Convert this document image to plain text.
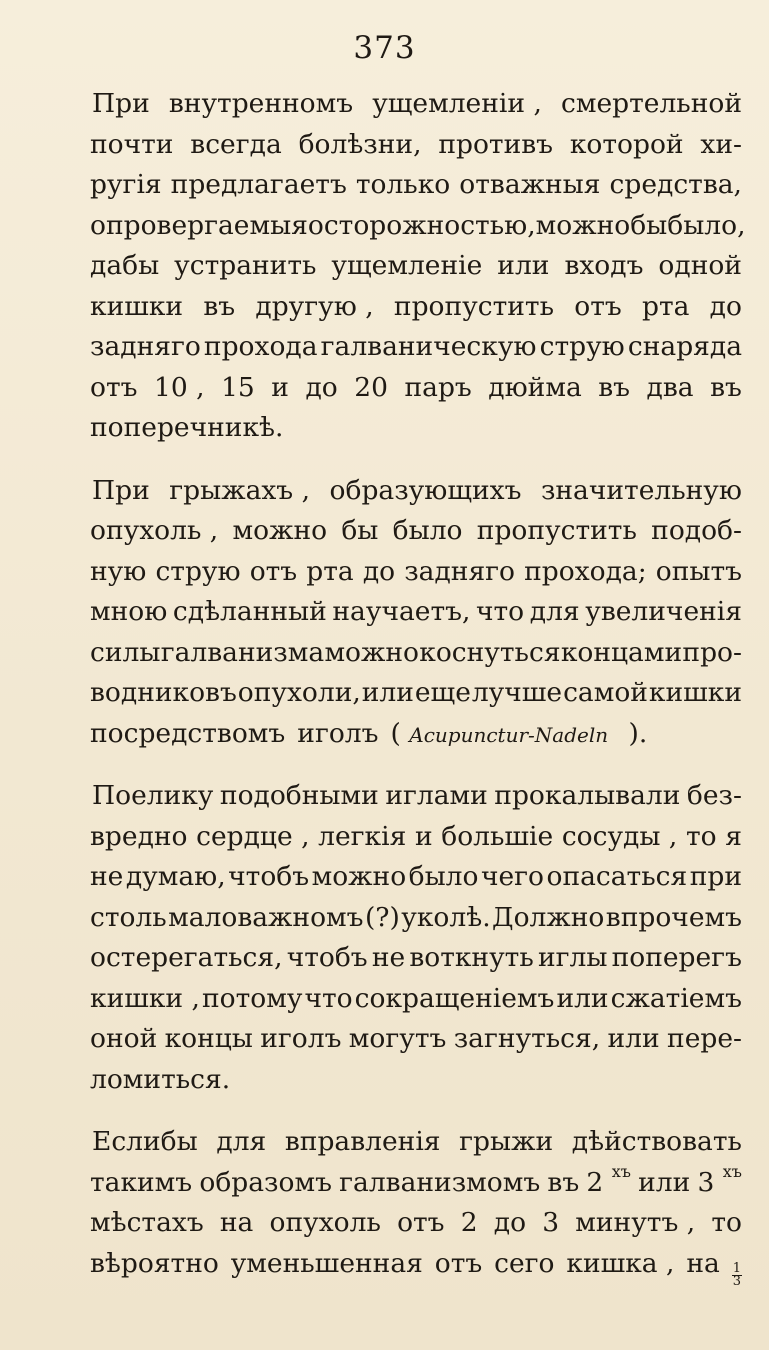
373
При внутренномъ ущемленіи , смертельной
почти всегда болѣзни, противъ которой хи-
ругія предлагаетъ только отважныя средства,
опровергаемыя осторожностью, можно бы было,
дабы устранить ущемленіе или входъ одной
кишки въ другую , пропустить отъ рта до
задняго прохода галваническую струю снаряда
отъ 10 , 15 и до 20 паръ дюйма въ два въ
поперечникѣ.
При грыжахъ , образующихъ значительную
опухоль , можно бы было пропустить подоб-
ную струю отъ рта до задняго прохода; опытъ
мною сдѣланный научаетъ, что для увеличенія
силы галванизма можно коснуться концами про-
водниковъ опухоли, или еще лучше самой кишки
посредствомъ иголъ ( Acupunctur-Nadeln ).
Поелику подобными иглами прокалывали без-
вредно сердце , легкія и большіе сосуды , то я
не думаю, чтобъ можно было чего опасаться при
столь маловажномъ (?) уколѣ. Должно впрочемъ
остерегаться, чтобъ не воткнуть иглы поперегъ
кишки , потому что сокращеніемъ или сжатіемъ
оной концы иголъ могутъ загнуться, или пере-
ломиться.
Еслибы для вправленія грыжи дѣйствовать
такимъ образомъ галванизмомъ въ 2 $^{хъ}$ или 3 $^{хъ}$
мѣстахъ на опухоль отъ 2 до 3 минутъ , то
вѣроятно уменьшенная отъ сего кишка , на $\frac{1}{3}$
